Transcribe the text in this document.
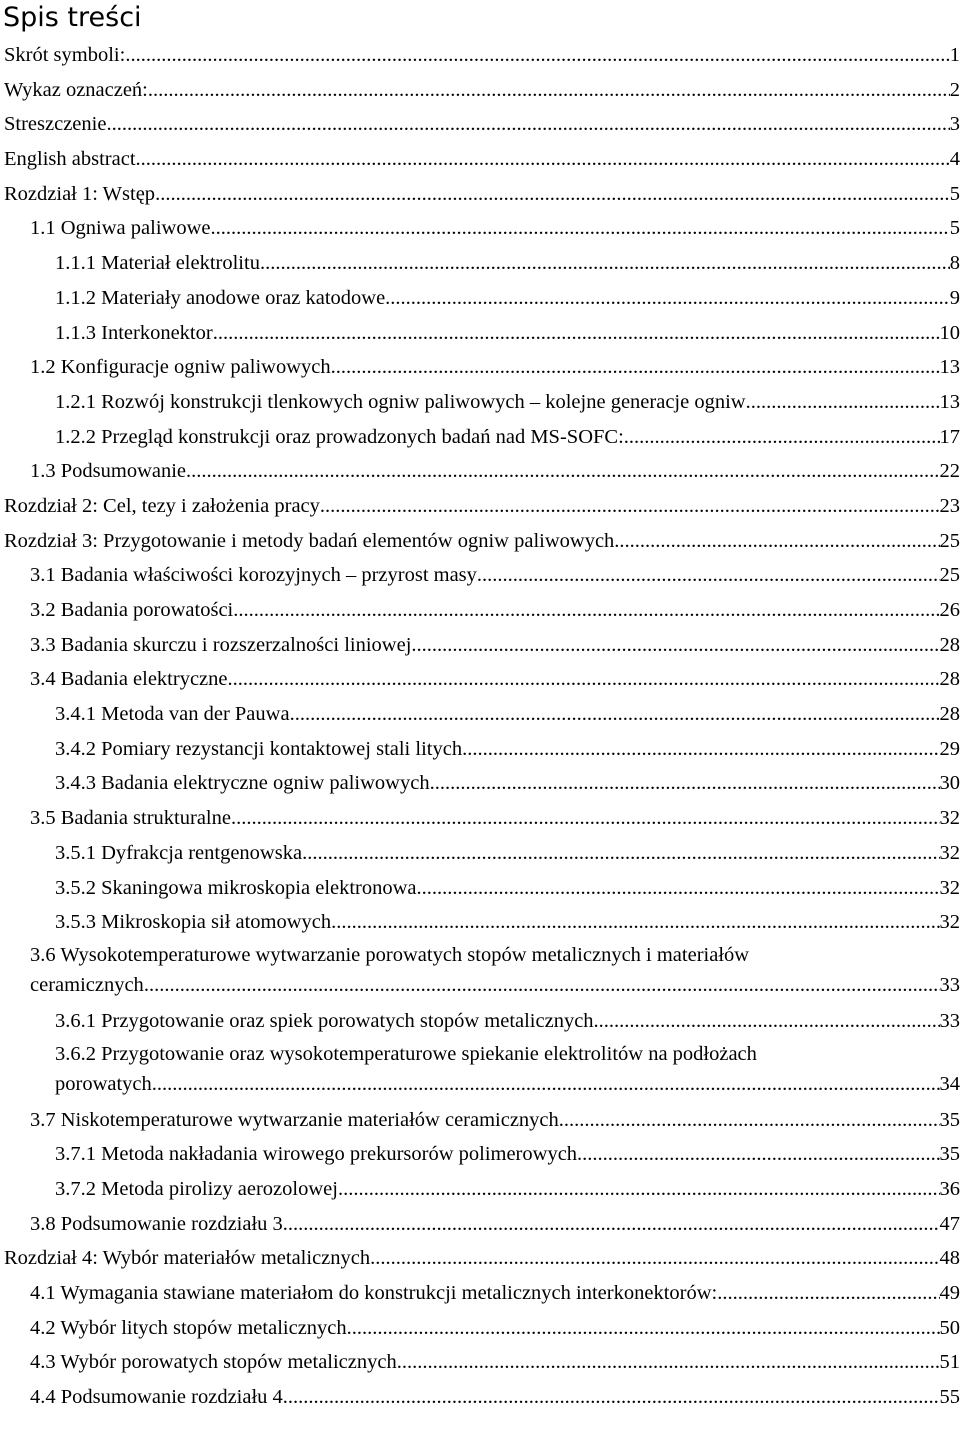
Spis treści
Skrót symboli: .....	1
Wykaz oznaczeń: .....	2
Streszczenie .....	3
English abstract .....	4
Rozdział 1: Wstęp .....	5
1.1 Ogniwa paliwowe .....	5
1.1.1 Materiał elektrolitu .....	8
1.1.2 Materiały anodowe oraz katodowe .....	9
1.1.3 Interkonektor .....	10
1.2 Konfiguracje ogniw paliwowych .....	13
1.2.1 Rozwój konstrukcji tlenkowych ogniw paliwowych – kolejne generacje ogniw .....	13
1.2.2 Przegląd konstrukcji oraz prowadzonych badań nad MS-SOFC: .....	17
1.3 Podsumowanie .....	22
Rozdział 2: Cel, tezy i założenia pracy .....	23
Rozdział 3: Przygotowanie i metody badań elementów ogniw paliwowych .....	25
3.1 Badania właściwości korozyjnych – przyrost masy .....	25
3.2 Badania porowatości .....	26
3.3 Badania skurczu i rozszerzalności liniowej .....	28
3.4 Badania elektryczne .....	28
3.4.1 Metoda van der Pauwa .....	28
3.4.2 Pomiary rezystancji kontaktowej stali litych .....	29
3.4.3 Badania elektryczne ogniw paliwowych .....	30
3.5 Badania strukturalne .....	32
3.5.1 Dyfrakcja rentgenowska .....	32
3.5.2 Skaningowa mikroskopia elektronowa .....	32
3.5.3 Mikroskopia sił atomowych .....	32
3.6 Wysokotemperaturowe wytwarzanie porowatych stopów metalicznych i materiałów
ceramicznych .....	33
3.6.1 Przygotowanie oraz spiek porowatych stopów metalicznych .....	33
3.6.2 Przygotowanie oraz wysokotemperaturowe spiekanie elektrolitów na podłożach
porowatych .....	34
3.7 Niskotemperaturowe wytwarzanie materiałów ceramicznych .....	35
3.7.1 Metoda nakładania wirowego prekursorów polimerowych .....	35
3.7.2 Metoda pirolizy aerozolowej .....	36
3.8 Podsumowanie rozdziału 3 .....	47
Rozdział 4: Wybór materiałów metalicznych .....	48
4.1 Wymagania stawiane materiałom do konstrukcji metalicznych interkonektorów: .....	49
4.2 Wybór litych stopów metalicznych .....	50
4.3 Wybór porowatych stopów metalicznych .....	51
4.4 Podsumowanie rozdziału 4 .....	55
